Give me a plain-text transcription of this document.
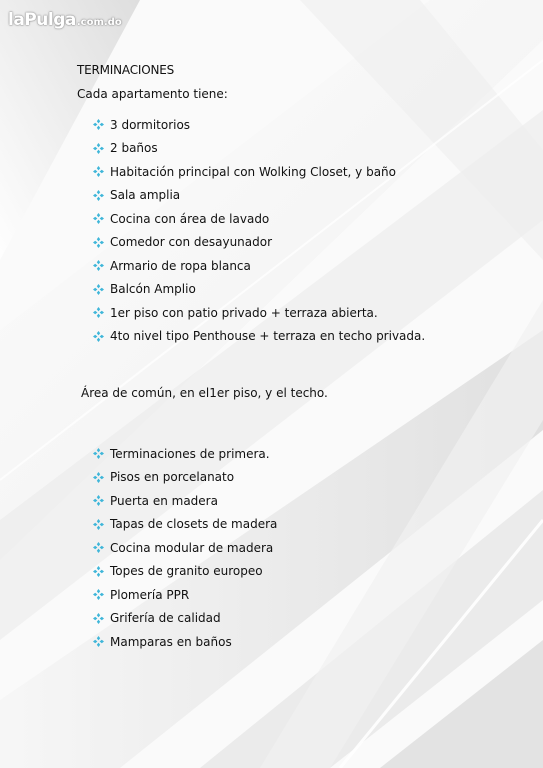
laPulga .com.do
TERMINACIONES
Cada apartamento tiene:
3 dormitorios
2 baños
Habitación principal con Wolking Closet, y baño
Sala amplia
Cocina con área de lavado
Comedor con desayunador
Armario de ropa blanca
Balcón Amplio
1er piso con patio privado + terraza abierta.
4to nivel tipo Penthouse + terraza en techo privada.
Área de común, en el1er piso, y el techo.
Terminaciones de primera.
Pisos en porcelanato
Puerta en madera
Tapas de closets de madera
Cocina modular de madera
Topes de granito europeo
Plomería PPR
Grifería de calidad
Mamparas en baños
